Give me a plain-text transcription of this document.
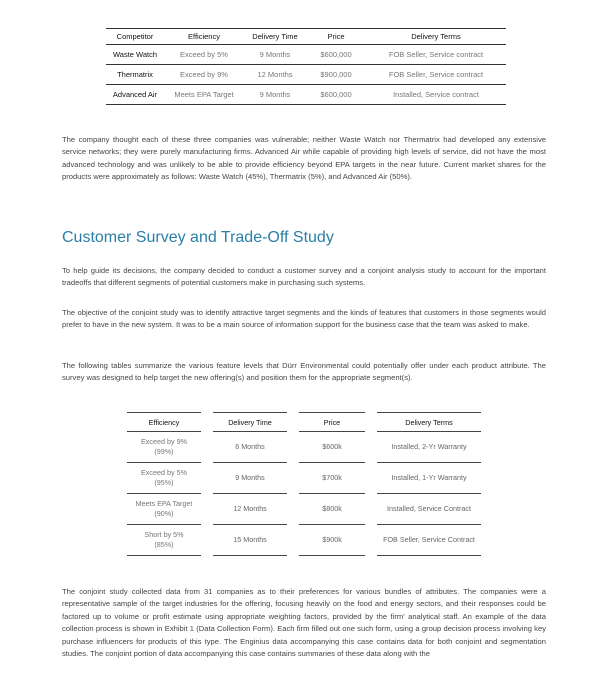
Competitor	Efficiency	Delivery Time	Price	Delivery Terms
Waste Watch	Exceed by 5%	9 Months	$600,000	FOB Seller, Service contract
Thermatrix	Exceed by 9%	12 Months	$900,000	FOB Seller, Service contract
Advanced Air	Meets EPA Target	9 Months	$600,000	Installed, Service contract

The company thought each of these three companies was vulnerable; neither Waste Watch nor Thermatrix had developed any extensive service networks; they were purely manufacturing firms. Advanced Air while capable of providing high levels of service, did not have the most advanced technology and was unlikely to be able to provide efficiency beyond EPA targets in the near future. Current market shares for the products were approximately as follows: Waste Watch (45%), Thermatrix (5%), and Advanced Air (50%).

Customer Survey and Trade-Off Study

To help guide its decisions, the company decided to conduct a customer survey and a conjoint analysis study to account for the important tradeoffs that different segments of potential customers make in purchasing such systems.

The objective of the conjoint study was to identify attractive target segments and the kinds of features that customers in those segments would prefer to have in the new system. It was to be a main source of information support for the business case that the team was asked to make.

The following tables summarize the various feature levels that Dürr Environmental could potentially offer under each product attribute. The survey was designed to help target the new offering(s) and position them for the appropriate segment(s).

Efficiency	Delivery Time	Price	Delivery Terms
Exceed by 9%
(99%)	6 Months	$600k	Installed, 2-Yr Warranty
Exceed by 5%
(95%)	9 Months	$700k	Installed, 1-Yr Warranty
Meets EPA Target
(90%)	12 Months	$800k	Installed, Service Contract
Short by 5%
(85%)	15 Months	$900k	FOB Seller, Service Contract

The conjoint study collected data from 31 companies as to their preferences for various bundles of attributes. The companies were a representative sample of the target industries for the offering, focusing heavily on the food and energy sectors, and their responses could be factored up to volume or profit estimate using appropriate weighting factors, provided by the firm' analytical staff. An example of the data collection process is shown in Exhibit 1 (Data Collection Form). Each firm filled out one such form, using a group decision process involving key purchase influencers for products of this type. The Enginius data accompanying this case contains data for both conjoint and segmentation studies. The conjoint portion of data accompanying this case contains summaries of these data along with the
